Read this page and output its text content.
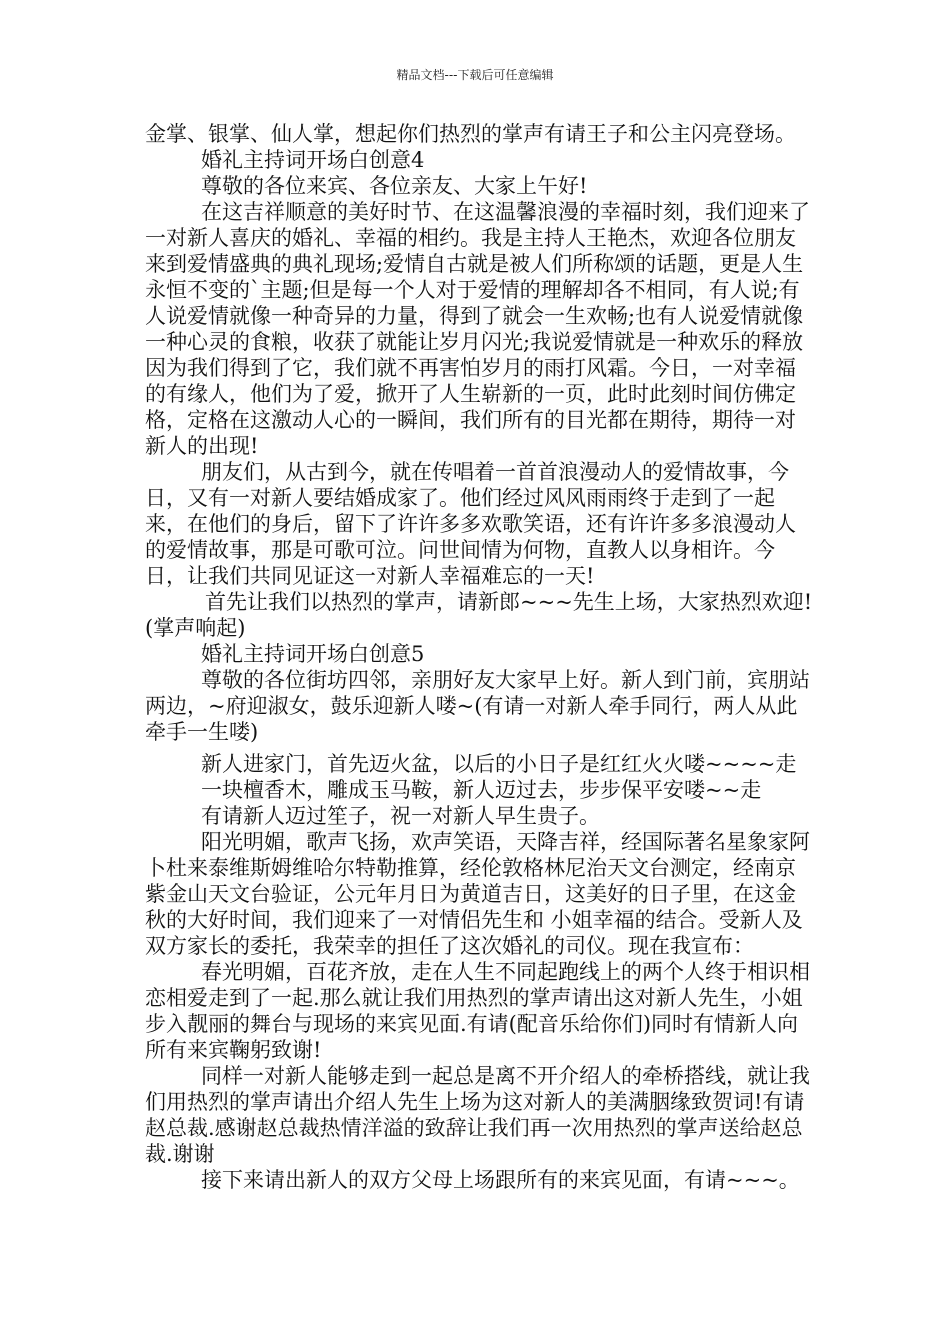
精品文档---下载后可任意编辑

金掌、银掌、仙人掌，想起你们热烈的掌声有请王子和公主闪亮登场。

婚礼主持词开场白创意4

尊敬的各位来宾、各位亲友、大家上午好!

在这吉祥顺意的美好时节、在这温馨浪漫的幸福时刻，我们迎来了一对新人喜庆的婚礼、幸福的相约。我是主持人王艳杰，欢迎各位朋友来到爱情盛典的典礼现场;爱情自古就是被人们所称颂的话题，更是人生永恒不变的`主题;但是每一个人对于爱情的理解却各不相同，有人说;有人说爱情就像一种奇异的力量，得到了就会一生欢畅;也有人说爱情就像一种心灵的食粮，收获了就能让岁月闪光;我说爱情就是一种欢乐的释放因为我们得到了它，我们就不再害怕岁月的雨打风霜。今日，一对幸福的有缘人，他们为了爱，掀开了人生崭新的一页，此时此刻时间仿佛定格，定格在这激动人心的一瞬间，我们所有的目光都在期待，期待一对新人的出现!

朋友们，从古到今，就在传唱着一首首浪漫动人的爱情故事，今日，又有一对新人要结婚成家了。他们经过风风雨雨终于走到了一起来，在他们的身后，留下了许许多多欢歌笑语，还有许许多多浪漫动人的爱情故事，那是可歌可泣。问世间情为何物，直教人以身相许。今日，让我们共同见证这一对新人幸福难忘的一天!

首先让我们以热烈的掌声，请新郎~~~先生上场，大家热烈欢迎!(掌声响起)

婚礼主持词开场白创意5

尊敬的各位街坊四邻，亲朋好友大家早上好。新人到门前，宾朋站两边，~府迎淑女，鼓乐迎新人喽~(有请一对新人牵手同行，两人从此牵手一生喽)

新人进家门，首先迈火盆，以后的小日子是红红火火喽~~~~走

一块檀香木，雕成玉马鞍，新人迈过去，步步保平安喽~~走

有请新人迈过笙子，祝一对新人早生贵子。

阳光明媚，歌声飞扬，欢声笑语，天降吉祥，经国际著名星象家阿卜杜来泰维斯姆维哈尔特勒推算，经伦敦格林尼治天文台测定，经南京紫金山天文台验证，公元年月日为黄道吉日，这美好的日子里，在这金秋的大好时间，我们迎来了一对情侣先生和 小姐幸福的结合。受新人及双方家长的委托，我荣幸的担任了这次婚礼的司仪。现在我宣布：

春光明媚，百花齐放，走在人生不同起跑线上的两个人终于相识相恋相爱走到了一起.那么就让我们用热烈的掌声请出这对新人先生，小姐步入靓丽的舞台与现场的来宾见面.有请(配音乐给你们)同时有情新人向所有来宾鞠躬致谢!

同样一对新人能够走到一起总是离不开介绍人的牵桥搭线，就让我们用热烈的掌声请出介绍人先生上场为这对新人的美满胭缘致贺词!有请赵总裁.感谢赵总裁热情洋溢的致辞让我们再一次用热烈的掌声送给赵总裁.谢谢

接下来请出新人的双方父母上场跟所有的来宾见面，有请~~~。
